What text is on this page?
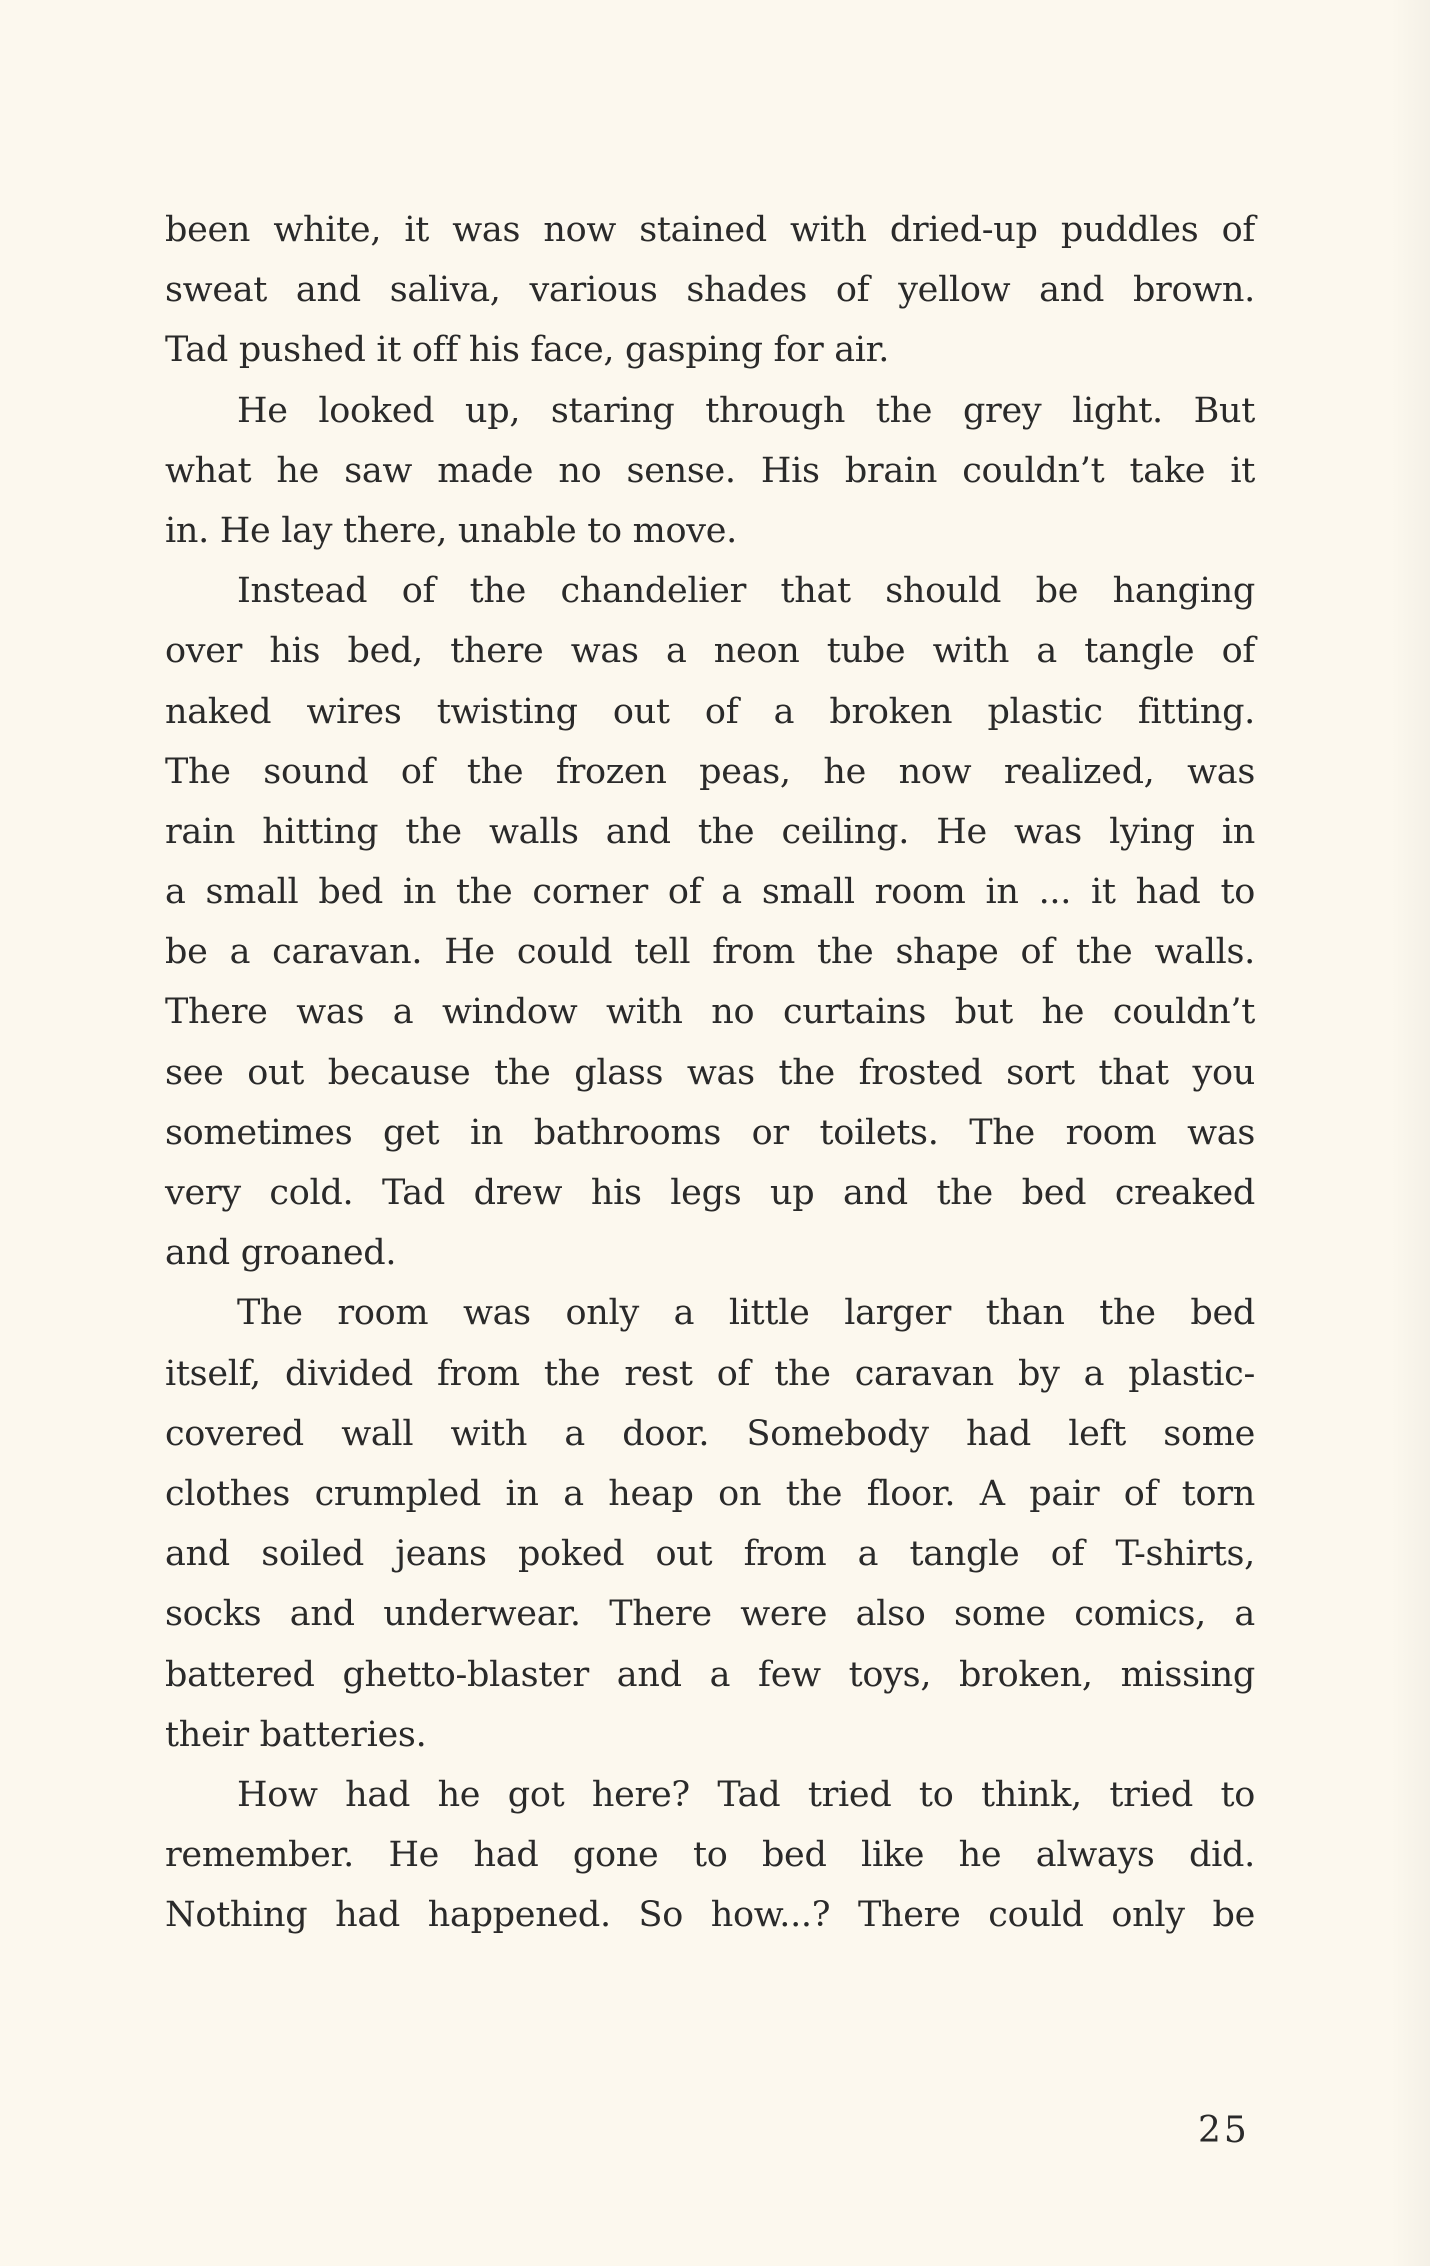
been white, it was now stained with dried-up puddles of
sweat and saliva, various shades of yellow and brown.
Tad pushed it off his face, gasping for air.
He looked up, staring through the grey light. But
what he saw made no sense. His brain couldn’t take it
in. He lay there, unable to move.
Instead of the chandelier that should be hanging
over his bed, there was a neon tube with a tangle of
naked wires twisting out of a broken plastic fitting.
The sound of the frozen peas, he now realized, was
rain hitting the walls and the ceiling. He was lying in
a small bed in the corner of a small room in ... it had to
be a caravan. He could tell from the shape of the walls.
There was a window with no curtains but he couldn’t
see out because the glass was the frosted sort that you
sometimes get in bathrooms or toilets. The room was
very cold. Tad drew his legs up and the bed creaked
and groaned.
The room was only a little larger than the bed
itself, divided from the rest of the caravan by a plastic-
covered wall with a door. Somebody had left some
clothes crumpled in a heap on the floor. A pair of torn
and soiled jeans poked out from a tangle of T-shirts,
socks and underwear. There were also some comics, a
battered ghetto-blaster and a few toys, broken, missing
their batteries.
How had he got here? Tad tried to think, tried to
remember. He had gone to bed like he always did.
Nothing had happened. So how...? There could only be
25
